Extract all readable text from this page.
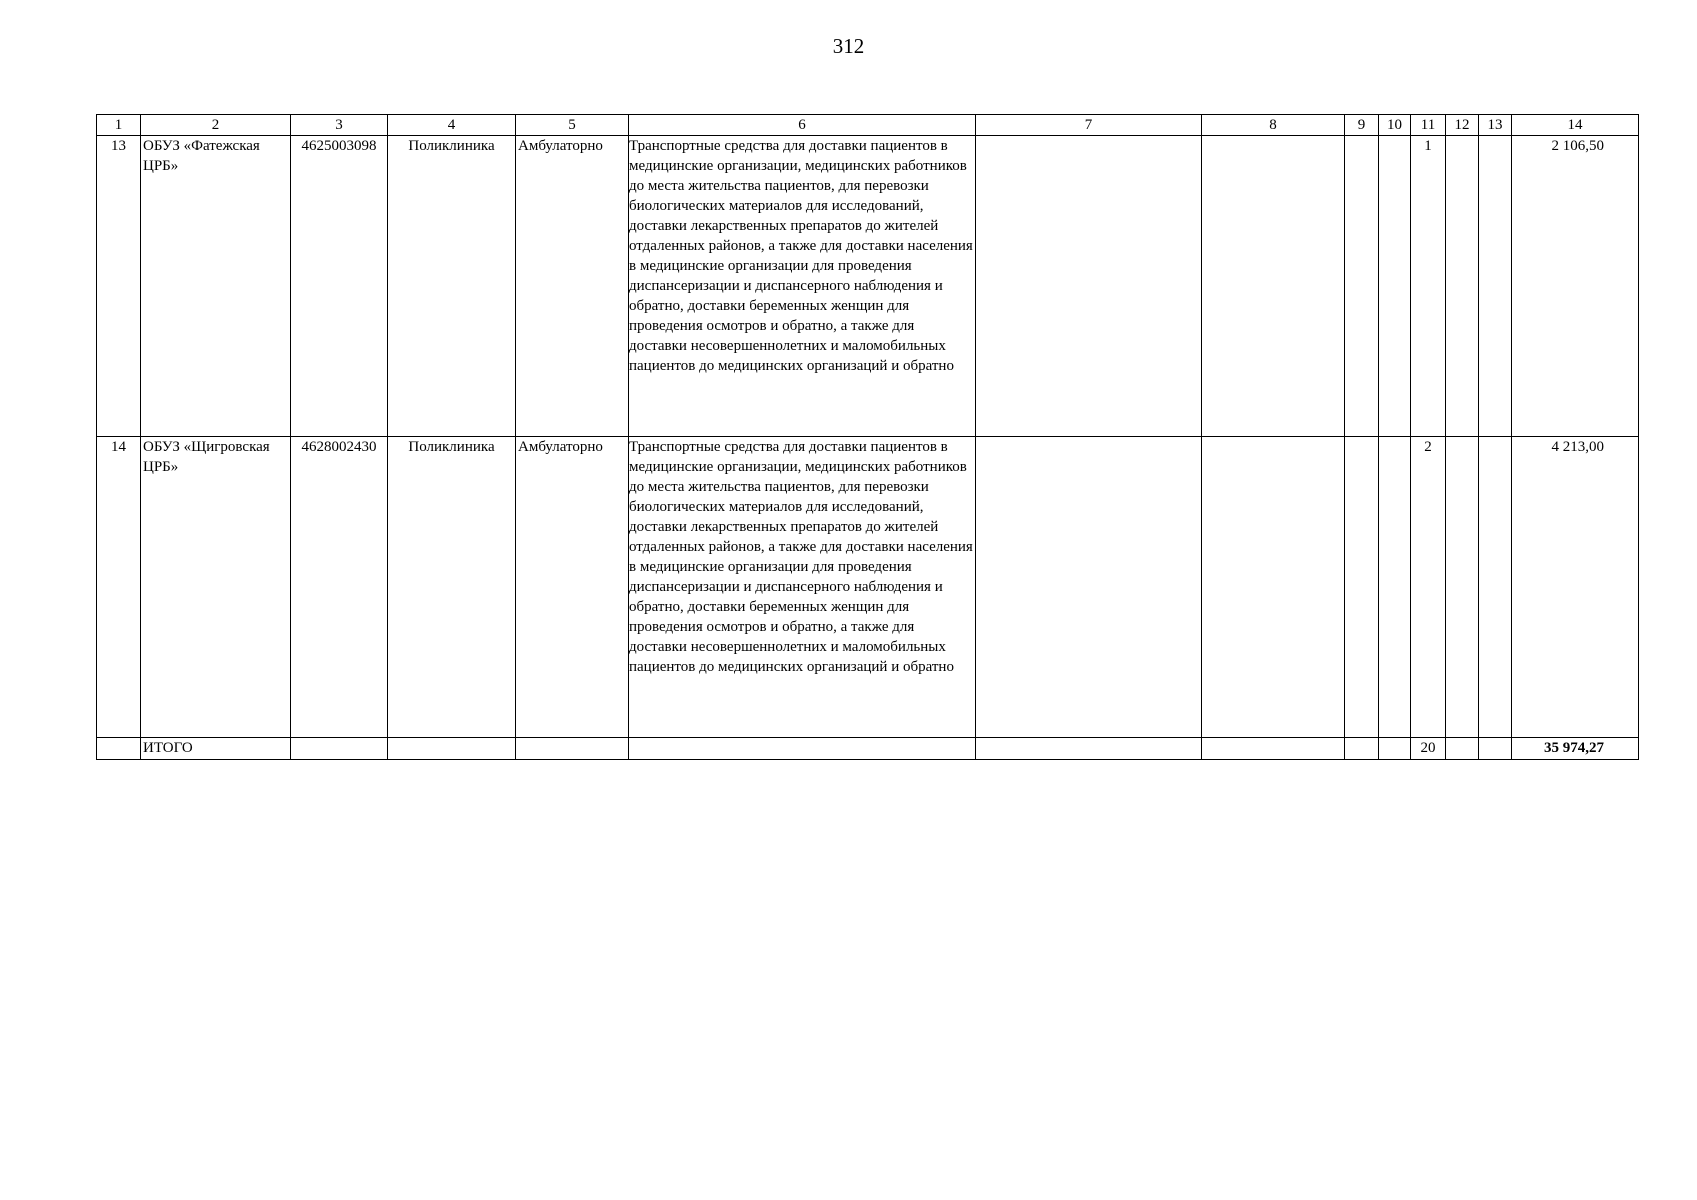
312
1	2	3	4	5	6	7	8	9	10	11	12	13	14
13	ОБУЗ «Фатежская ЦРБ»	4625003098	Поликлиника	Амбулаторно	Транспортные средства для доставки пациентов в медицинские организации, медицинских работников до места жительства пациентов, для перевозки биологических материалов для исследований, доставки лекарственных препаратов до жителей отдаленных районов, а также для доставки населения в медицинские организации для проведения диспансеризации и диспансерного наблюдения и обратно, доставки беременных женщин для проведения осмотров и обратно, а также для доставки несовершеннолетних и маломобильных пациентов до медицинских организаций и обратно					1			2 106,50
14	ОБУЗ «Щигровская ЦРБ»	4628002430	Поликлиника	Амбулаторно	Транспортные средства для доставки пациентов в медицинские организации, медицинских работников до места жительства пациентов, для перевозки биологических материалов для исследований, доставки лекарственных препаратов до жителей отдаленных районов, а также для доставки населения в медицинские организации для проведения диспансеризации и диспансерного наблюдения и обратно, доставки беременных женщин для проведения осмотров и обратно, а также для доставки несовершеннолетних и маломобильных пациентов до медицинских организаций и обратно					2			4 213,00
	ИТОГО									20			35 974,27
